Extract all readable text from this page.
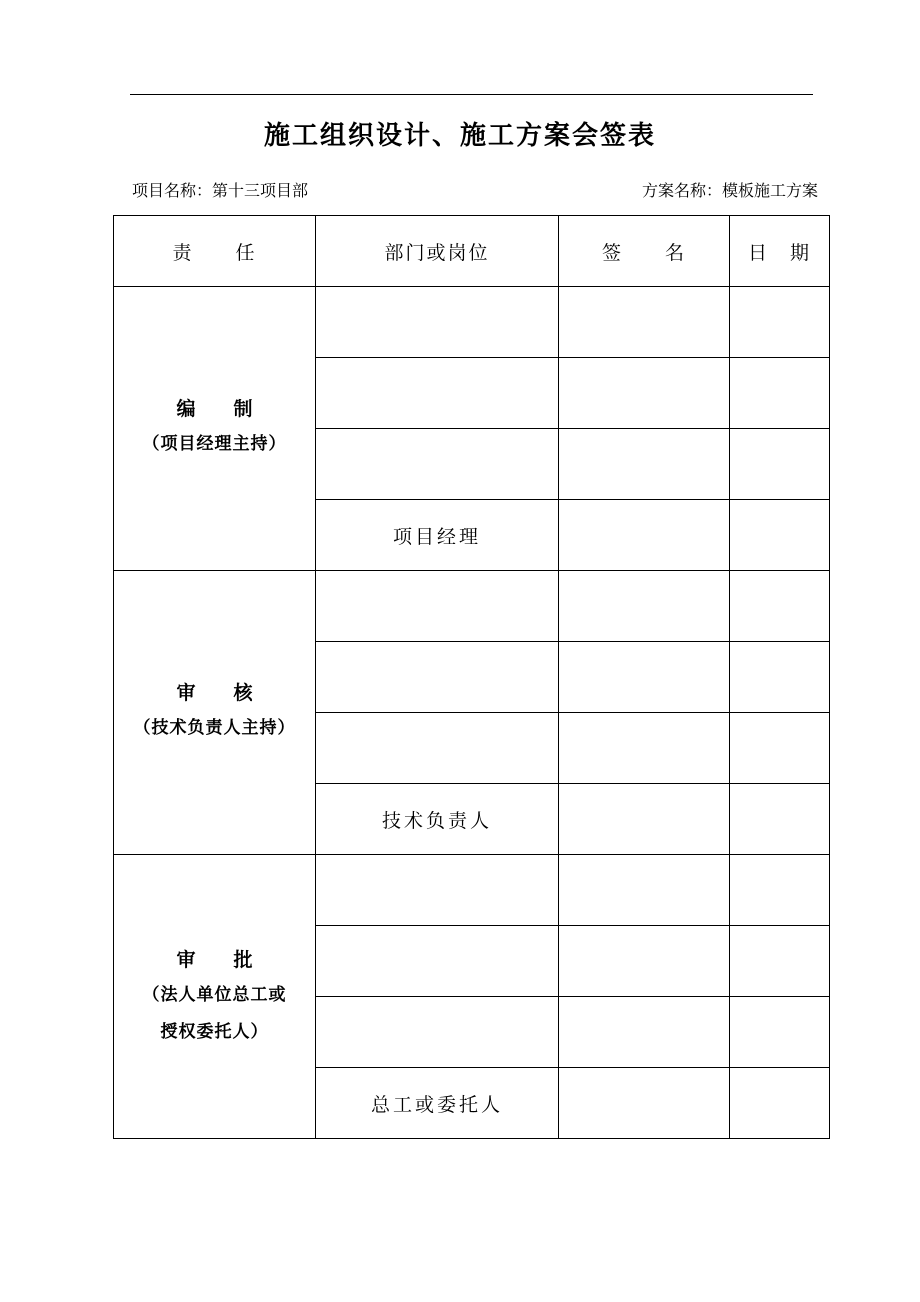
施工组织设计、施工方案会签表
项目名称：第十三项目部	方案名称：模板施工方案
责　　任	部门或岗位	签　　名	日　期

编　　制
（项目经理主持）			

	项目经理		

审　　核
（技术负责人主持）			

	技术负责人		

审　　批
（法人单位总工或
授权委托人）			

	总工或委托人		
